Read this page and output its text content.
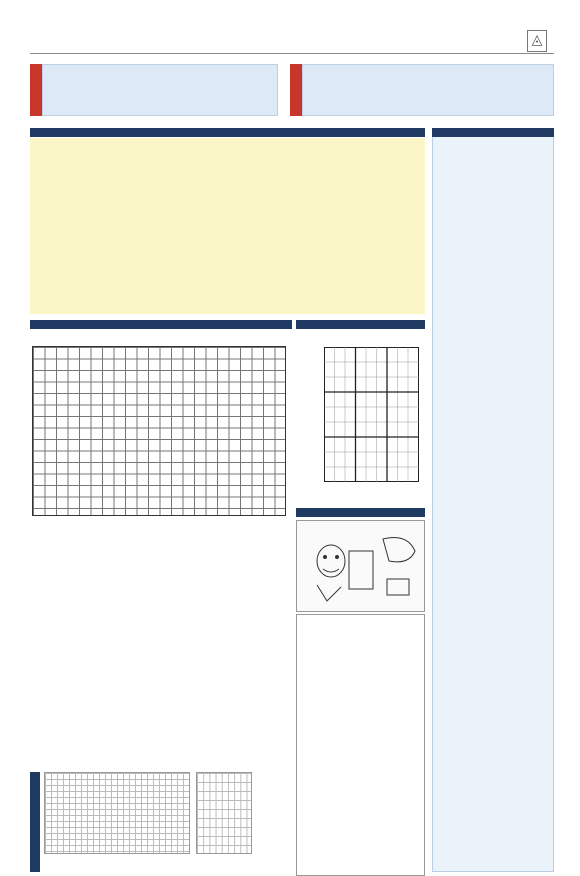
◬
